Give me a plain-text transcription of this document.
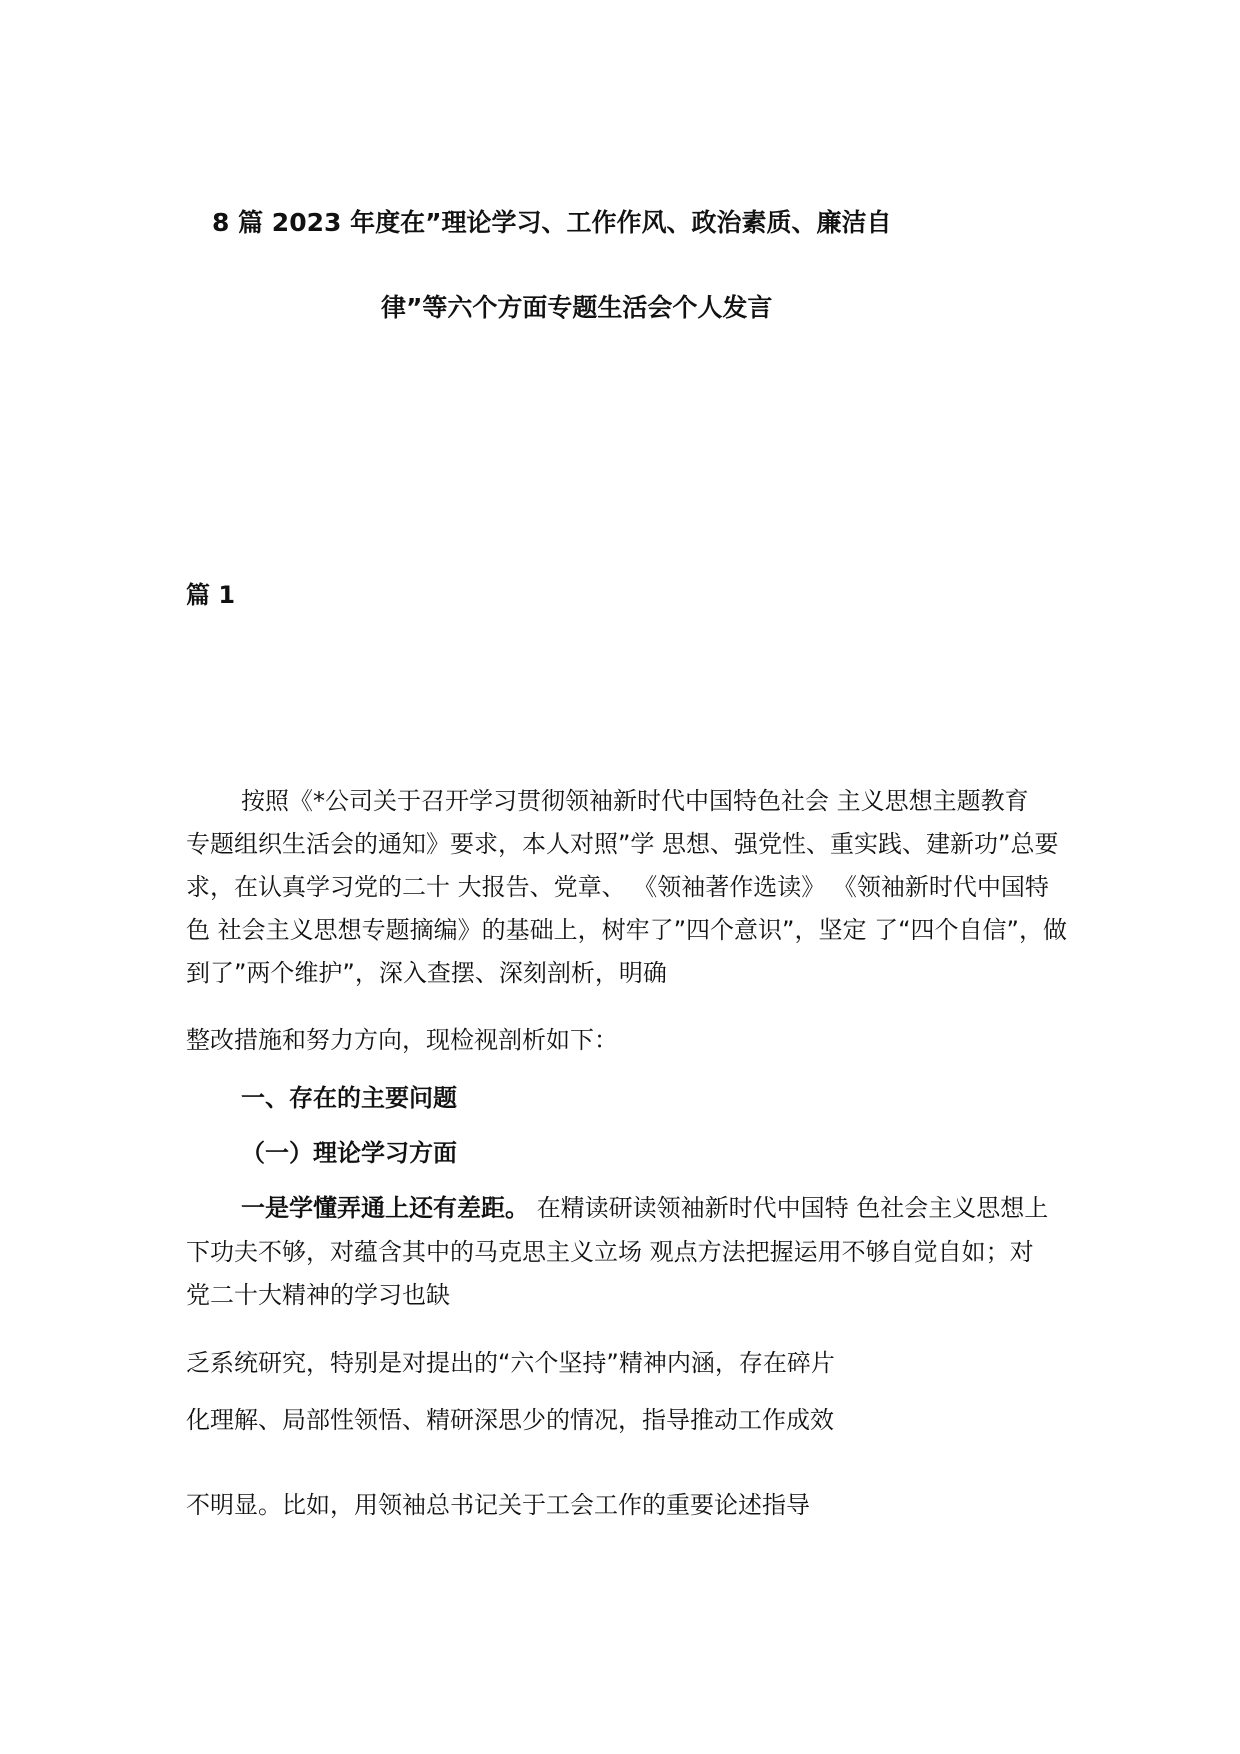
8 篇 2023 年度在”理论学习、工作作风、政治素质、廉洁自
律”等六个方面专题生活会个人发言
篇 1
按照《*公司关于召开学习贯彻领袖新时代中国特色社会 主义思想主题教育
专题组织生活会的通知》要求，本人对照”学 思想、强党性、重实践、建新功”总要
求，在认真学习党的二十 大报告、党章、 《领袖著作选读》 《领袖新时代中国特
色 社会主义思想专题摘编》的基础上，树牢了”四个意识”，坚定 了“四个自信”，做
到了”两个维护”，深入查摆、深刻剖析，明确
整改措施和努力方向，现检视剖析如下：
一、存在的主要问题
（一）理论学习方面
一是学懂弄通上还有差距。 在精读研读领袖新时代中国特 色社会主义思想上
下功夫不够，对蕴含其中的马克思主义立场 观点方法把握运用不够自觉自如；对
党二十大精神的学习也缺
乏系统研究，特别是对提出的“六个坚持”精神内涵，存在碎片
化理解、局部性领悟、精研深思少的情况，指导推动工作成效
不明显。比如，用领袖总书记关于工会工作的重要论述指导
